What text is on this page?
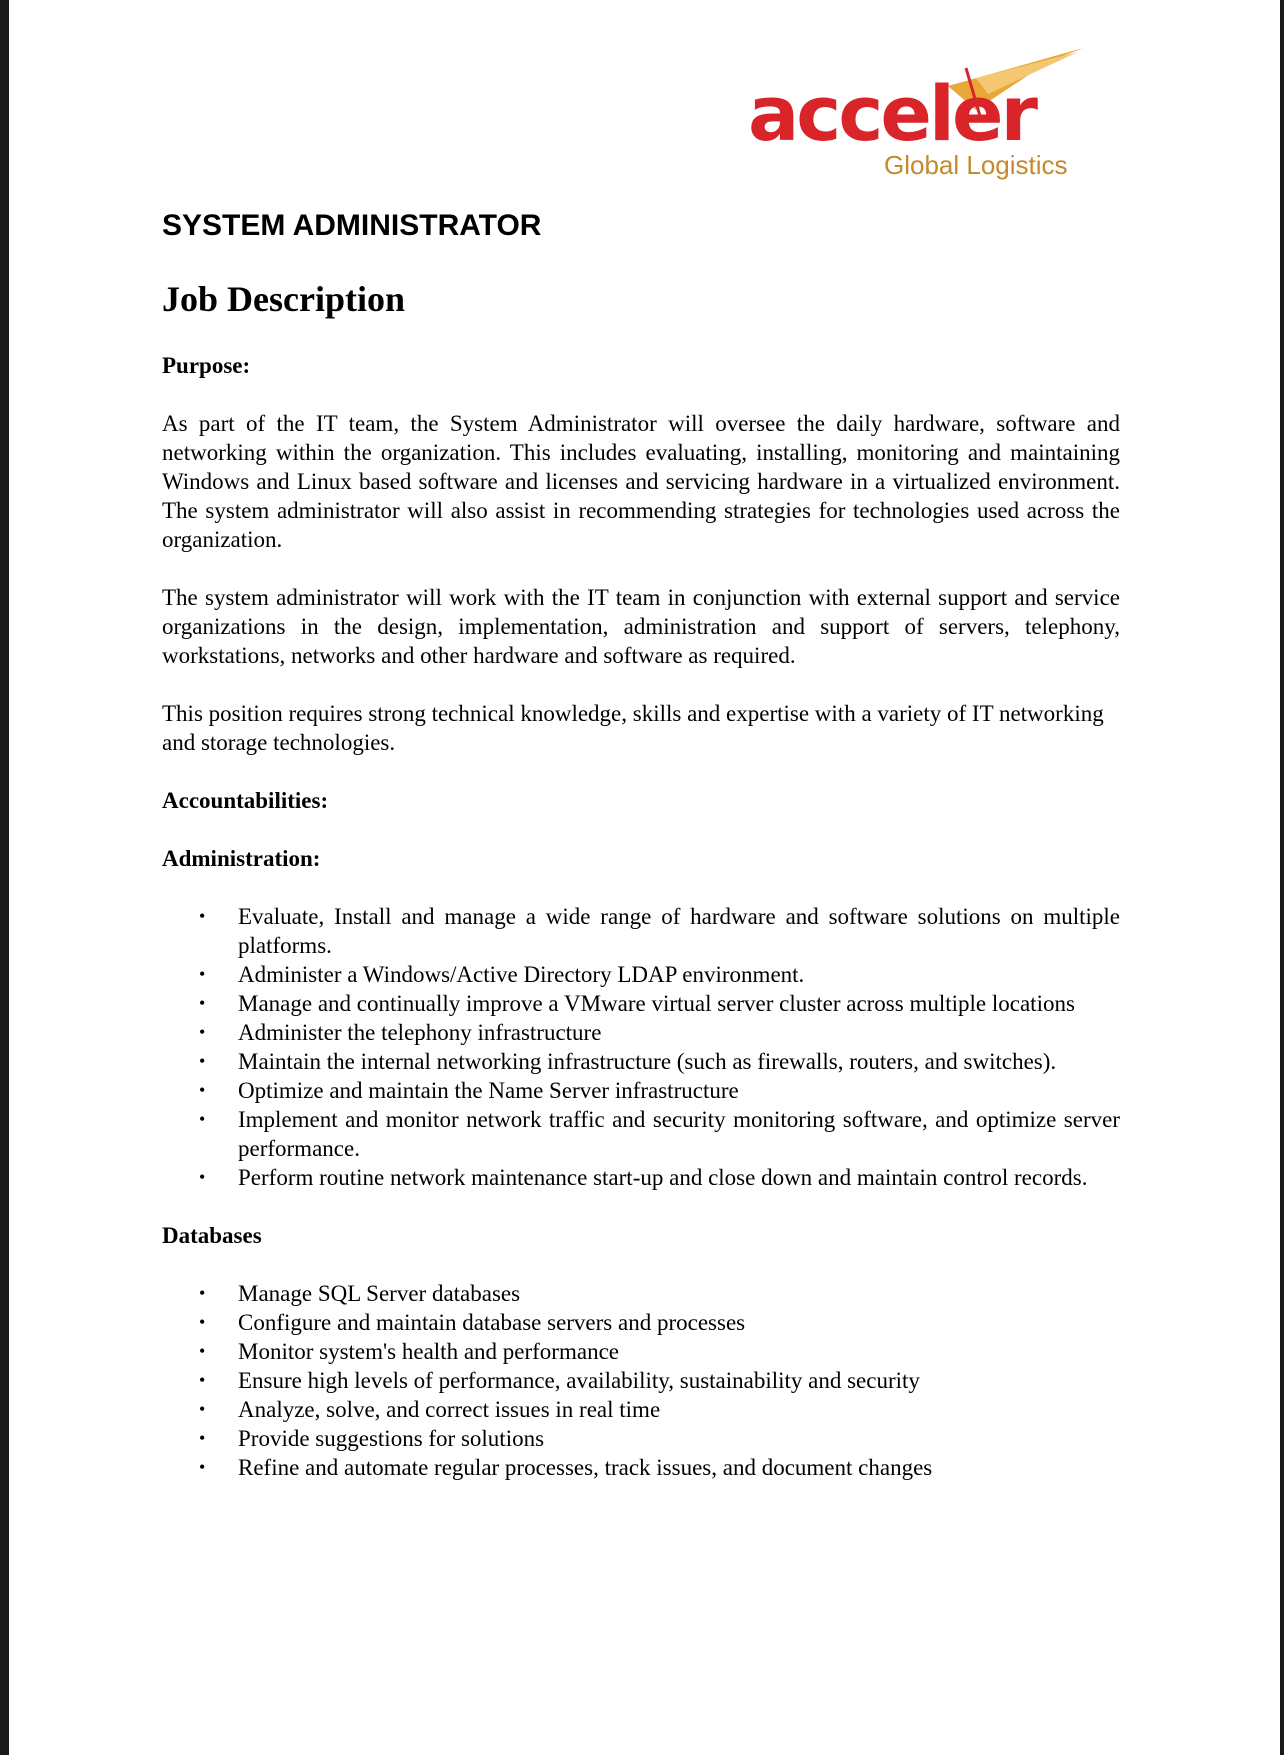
acceler
Global Logistics
SYSTEM ADMINISTRATOR
Job Description
Purpose:

As part of the IT team, the System Administrator will oversee the daily hardware, software and networking within the organization. This includes evaluating, installing, monitoring and maintaining Windows and Linux based software and licenses and servicing hardware in a virtualized environment. The system administrator will also assist in recommending strategies for technologies used across the organization.

The system administrator will work with the IT team in conjunction with external support and service organizations in the design, implementation, administration and support of servers, telephony, workstations, networks and other hardware and software as required.

This position requires strong technical knowledge, skills and expertise with a variety of IT networking and storage technologies.

Accountabilities:
Administration:
• Evaluate, Install and manage a wide range of hardware and software solutions on multiple platforms.
• Administer a Windows/Active Directory LDAP environment.
• Manage and continually improve a VMware virtual server cluster across multiple locations
• Administer the telephony infrastructure
• Maintain the internal networking infrastructure (such as firewalls, routers, and switches).
• Optimize and maintain the Name Server infrastructure
• Implement and monitor network traffic and security monitoring software, and optimize server performance.
• Perform routine network maintenance start-up and close down and maintain control records.
Databases
• Manage SQL Server databases
• Configure and maintain database servers and processes
• Monitor system's health and performance
• Ensure high levels of performance, availability, sustainability and security
• Analyze, solve, and correct issues in real time
• Provide suggestions for solutions
• Refine and automate regular processes, track issues, and document changes
